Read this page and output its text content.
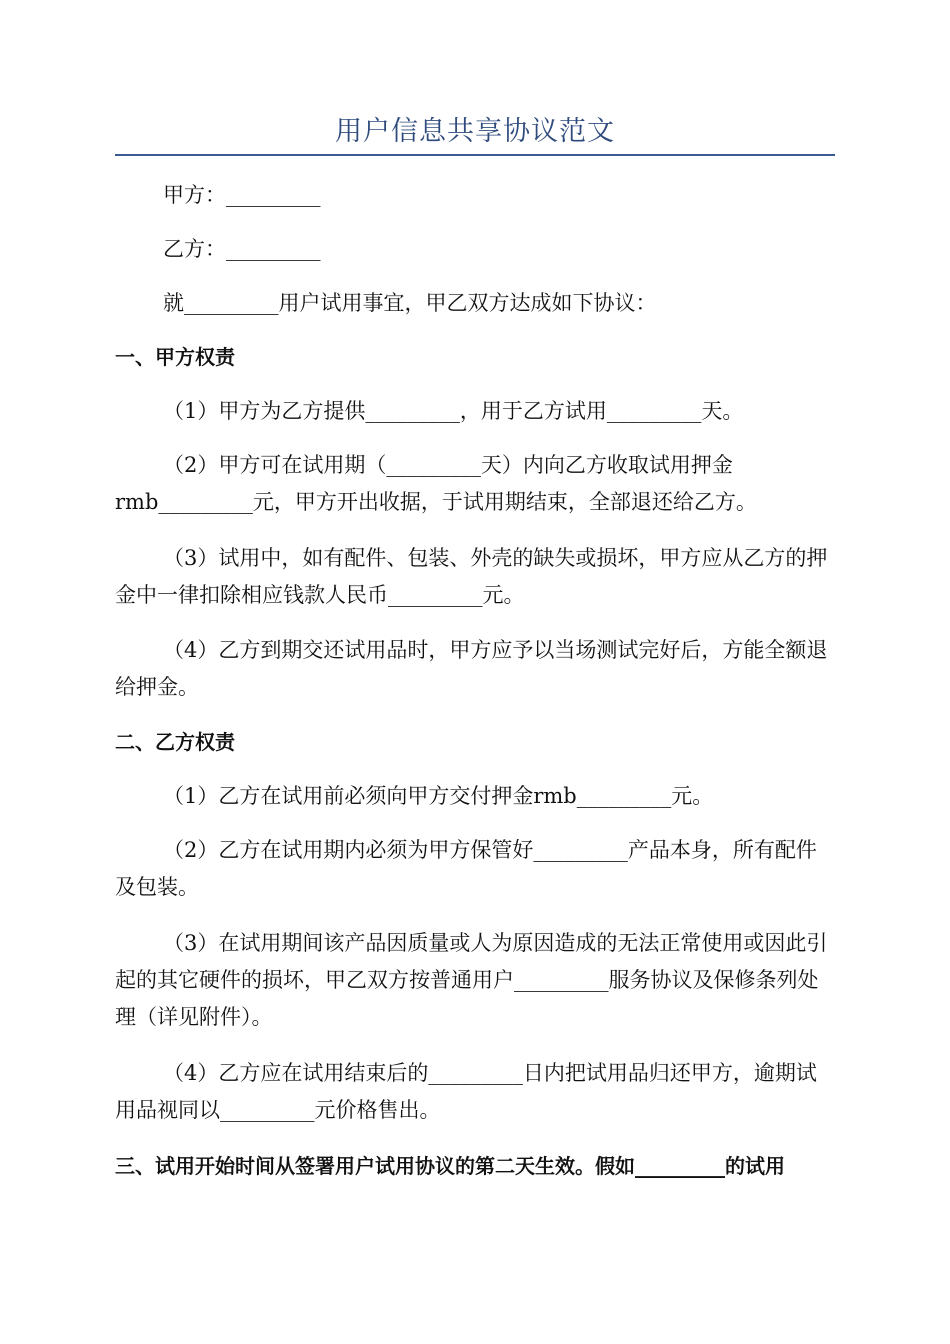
用户信息共享协议范文

甲方：_________

乙方：_________

就_________用户试用事宜，甲乙双方达成如下协议：

一、甲方权责

（1）甲方为乙方提供_________，用于乙方试用_________天。

（2）甲方可在试用期（_________天）内向乙方收取试用押金rmb_________元，甲方开出收据，于试用期结束，全部退还给乙方。

（3）试用中，如有配件、包装、外壳的缺失或损坏，甲方应从乙方的押金中一律扣除相应钱款人民币_________元。

（4）乙方到期交还试用品时，甲方应予以当场测试完好后，方能全额退给押金。

二、乙方权责

（1）乙方在试用前必须向甲方交付押金rmb_________元。

（2）乙方在试用期内必须为甲方保管好_________产品本身，所有配件及包装。

（3）在试用期间该产品因质量或人为原因造成的无法正常使用或因此引起的其它硬件的损坏，甲乙双方按普通用户_________服务协议及保修条列处理（详见附件）。

（4）乙方应在试用结束后的_________日内把试用品归还甲方，逾期试用品视同以_________元价格售出。

三、试用开始时间从签署用户试用协议的第二天生效。假如_________的试用
